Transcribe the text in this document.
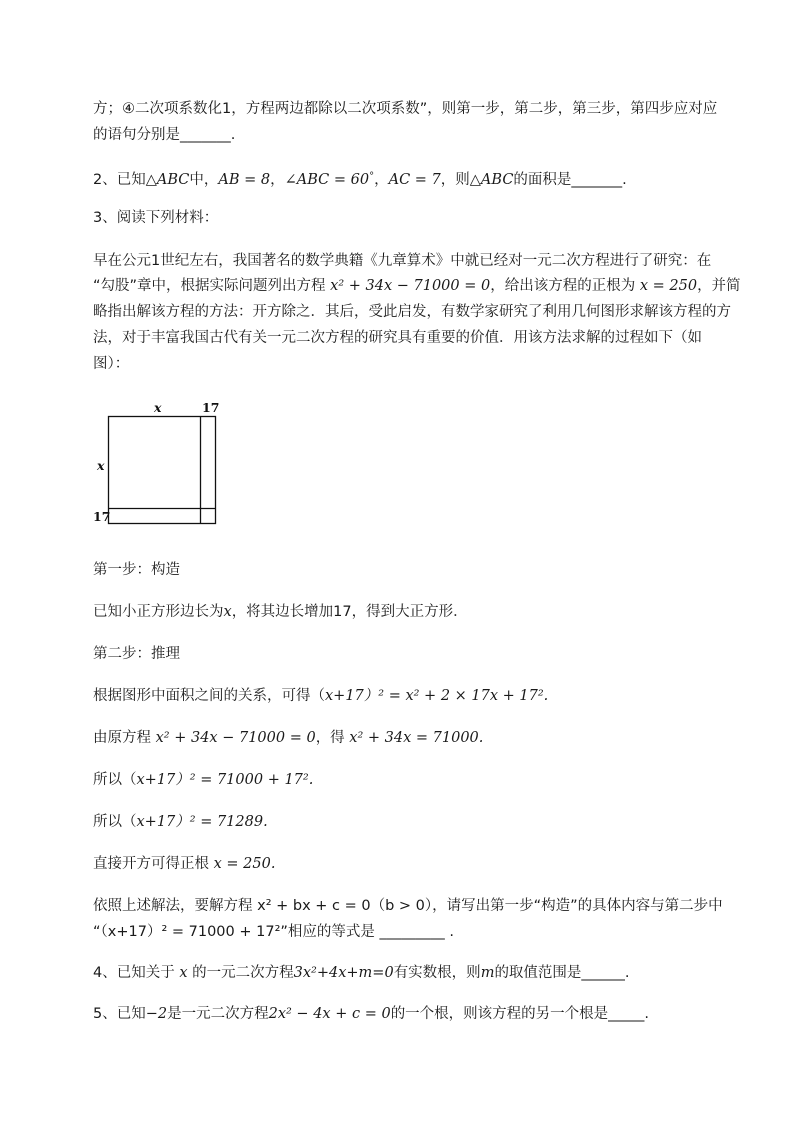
方；④二次项系数化1，方程两边都除以二次项系数”，则第一步，第二步，第三步，第四步应对应
的语句分别是_______.
2、已知△ABC中，AB = 8，∠ABC = 60°，AC = 7，则△ABC的面积是_______.
3、阅读下列材料：
早在公元1世纪左右，我国著名的数学典籍《九章算术》中就已经对一元二次方程进行了研究：在
“勾股”章中，根据实际问题列出方程 x² + 34x − 71000 = 0，给出该方程的正根为 x = 250，并简
略指出解该方程的方法：开方除之．其后，受此启发，有数学家研究了利用几何图形求解该方程的方
法，对于丰富我国古代有关一元二次方程的研究具有重要的价值．用该方法求解的过程如下（如
图）：
x	17
x
17
第一步：构造
已知小正方形边长为x，将其边长增加17，得到大正方形．
第二步：推理
根据图形中面积之间的关系，可得（x+17）² = x² + 2 × 17x + 17².
由原方程 x² + 34x − 71000 = 0，得 x² + 34x = 71000.
所以（x+17）² = 71000 + 17².
所以（x+17）² = 71289.
直接开方可得正根 x = 250.
依照上述解法，要解方程 x² + bx + c = 0（b > 0），请写出第一步“构造”的具体内容与第二步中
“（x+17）² = 71000 + 17²”相应的等式是 _________ .
4、已知关于 x 的一元二次方程3x²+4x+m=0有实数根，则m的取值范围是______.
5、已知−2是一元二次方程2x² − 4x + c = 0的一个根，则该方程的另一个根是_____.
